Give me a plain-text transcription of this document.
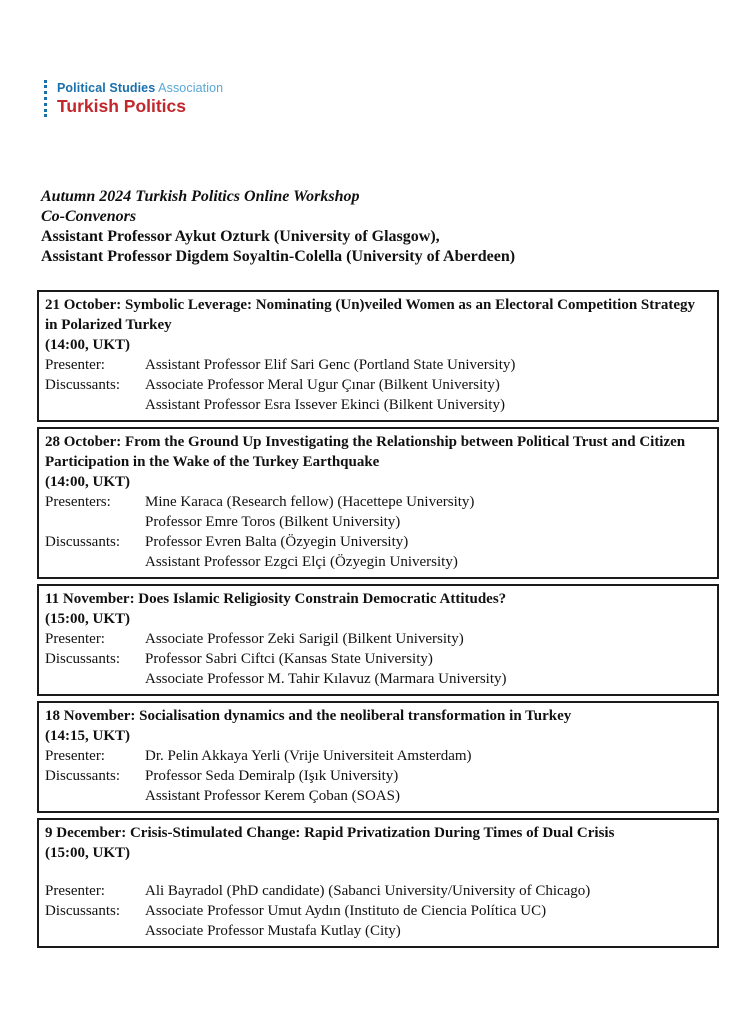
Political Studies Association
Turkish Politics
Autumn 2024 Turkish Politics Online Workshop
Co-Convenors
Assistant Professor Aykut Ozturk (University of Glasgow),
Assistant Professor Digdem Soyaltin-Colella (University of Aberdeen)
21 October: Symbolic Leverage: Nominating (Un)veiled Women as an Electoral Competition Strategy in Polarized Turkey
(14:00, UKT)
Presenter:	Assistant Professor Elif Sari Genc (Portland State University)
Discussants:	Associate Professor Meral Ugur Çınar (Bilkent University)
Assistant Professor Esra Issever Ekinci (Bilkent University)
28 October: From the Ground Up Investigating the Relationship between Political Trust and Citizen Participation in the Wake of the Turkey Earthquake
(14:00, UKT)
Presenters:	Mine Karaca (Research fellow) (Hacettepe University)
Professor Emre Toros (Bilkent University)
Discussants:	Professor Evren Balta (Özyegin University)
Assistant Professor Ezgci Elçi (Özyegin University)
11 November: Does Islamic Religiosity Constrain Democratic Attitudes?
(15:00, UKT)
Presenter:	Associate Professor Zeki Sarigil (Bilkent University)
Discussants:	Professor Sabri Ciftci (Kansas State University)
Associate Professor M. Tahir Kılavuz (Marmara University)
18 November: Socialisation dynamics and the neoliberal transformation in Turkey
(14:15, UKT)
Presenter:	Dr. Pelin Akkaya Yerli (Vrije Universiteit Amsterdam)
Discussants:	Professor Seda Demiralp (Işık University)
Assistant Professor Kerem Çoban (SOAS)
9 December: Crisis-Stimulated Change: Rapid Privatization During Times of Dual Crisis
(15:00, UKT)
Presenter:	Ali Bayradol (PhD candidate) (Sabanci University/University of Chicago)
Discussants:	Associate Professor Umut Aydın (Instituto de Ciencia Política UC)
Associate Professor Mustafa Kutlay (City)
